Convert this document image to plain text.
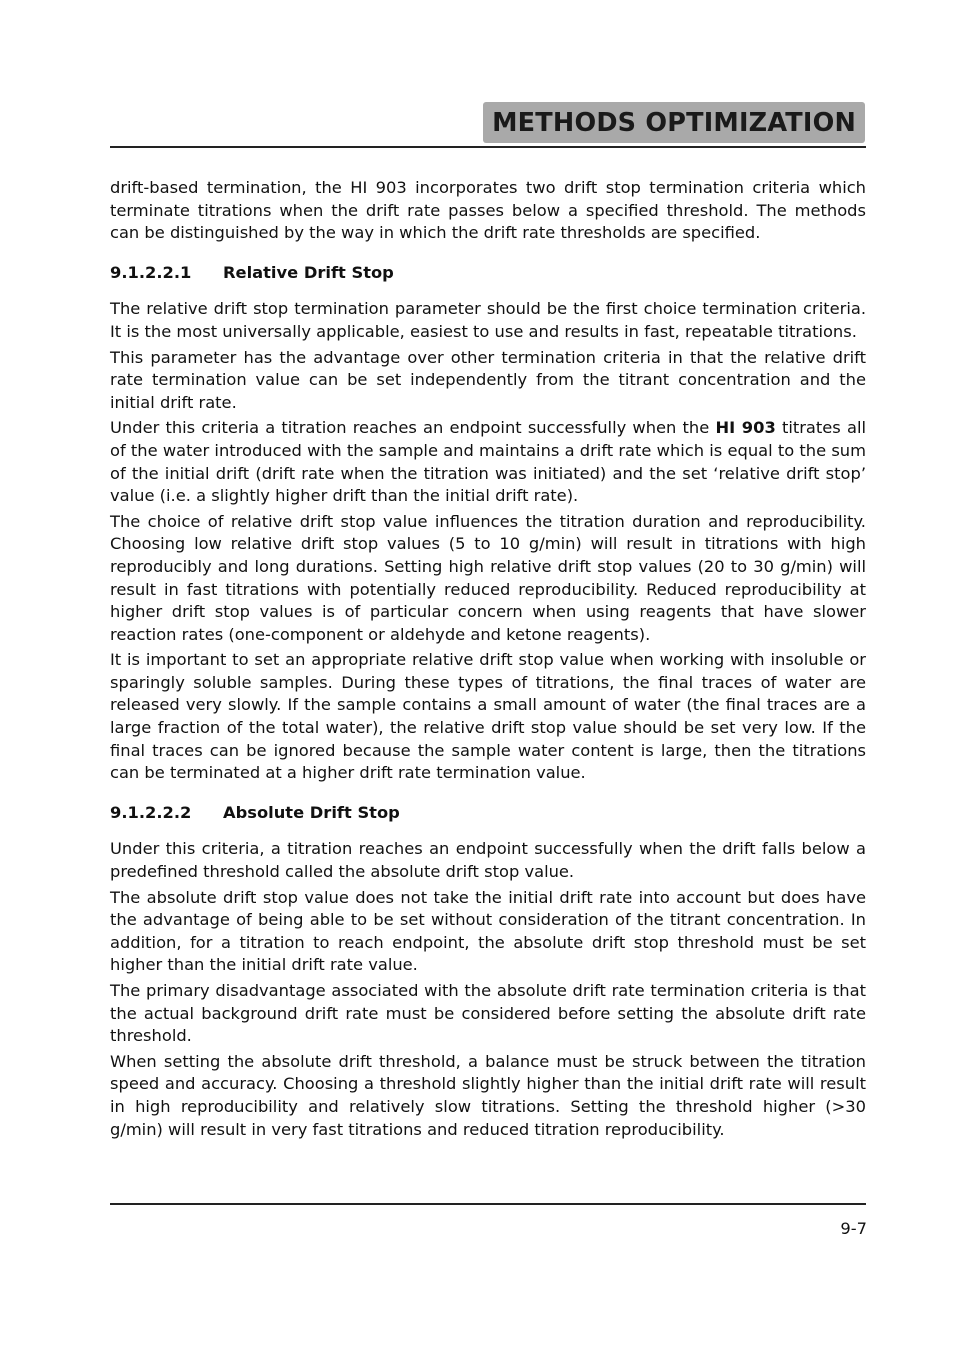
METHODS OPTIMIZATION

drift-based termination, the HI 903 incorporates two drift stop termination criteria which terminate titrations when the drift rate passes below a specified threshold. The methods can be distinguished by the way in which the drift rate thresholds are specified.

9.1.2.2.1 Relative Drift Stop

The relative drift stop termination parameter should be the first choice termination criteria. It is the most universally applicable, easiest to use and results in fast, repeatable titrations.

This parameter has the advantage over other termination criteria in that the relative drift rate termination value can be set independently from the titrant concentration and the initial drift rate.

Under this criteria a titration reaches an endpoint successfully when the HI 903 titrates all of the water introduced with the sample and maintains a drift rate which is equal to the sum of the initial drift (drift rate when the titration was initiated) and the set ‘relative drift stop’ value (i.e. a slightly higher drift than the initial drift rate).

The choice of relative drift stop value influences the titration duration and reproducibility. Choosing low relative drift stop values (5 to 10 g/min) will result in titrations with high reproducibly and long durations. Setting high relative drift stop values (20 to 30 g/min) will result in fast titrations with potentially reduced reproducibility. Reduced reproducibility at higher drift stop values is of particular concern when using reagents that have slower reaction rates (one-component or aldehyde and ketone reagents).

It is important to set an appropriate relative drift stop value when working with insoluble or sparingly soluble samples. During these types of titrations, the final traces of water are released very slowly. If the sample contains a small amount of water (the final traces are a large fraction of the total water), the relative drift stop value should be set very low. If the final traces can be ignored because the sample water content is large, then the titrations can be terminated at a higher drift rate termination value.

9.1.2.2.2 Absolute Drift Stop

Under this criteria, a titration reaches an endpoint successfully when the drift falls below a predefined threshold called the absolute drift stop value.

The absolute drift stop value does not take the initial drift rate into account but does have the advantage of being able to be set without consideration of the titrant concentration. In addition, for a titration to reach endpoint, the absolute drift stop threshold must be set higher than the initial drift rate value.

The primary disadvantage associated with the absolute drift rate termination criteria is that the actual background drift rate must be considered before setting the absolute drift rate threshold.

When setting the absolute drift threshold, a balance must be struck between the titration speed and accuracy. Choosing a threshold slightly higher than the initial drift rate will result in high reproducibility and relatively slow titrations. Setting the threshold higher (>30 g/min) will result in very fast titrations and reduced titration reproducibility.

9-7
